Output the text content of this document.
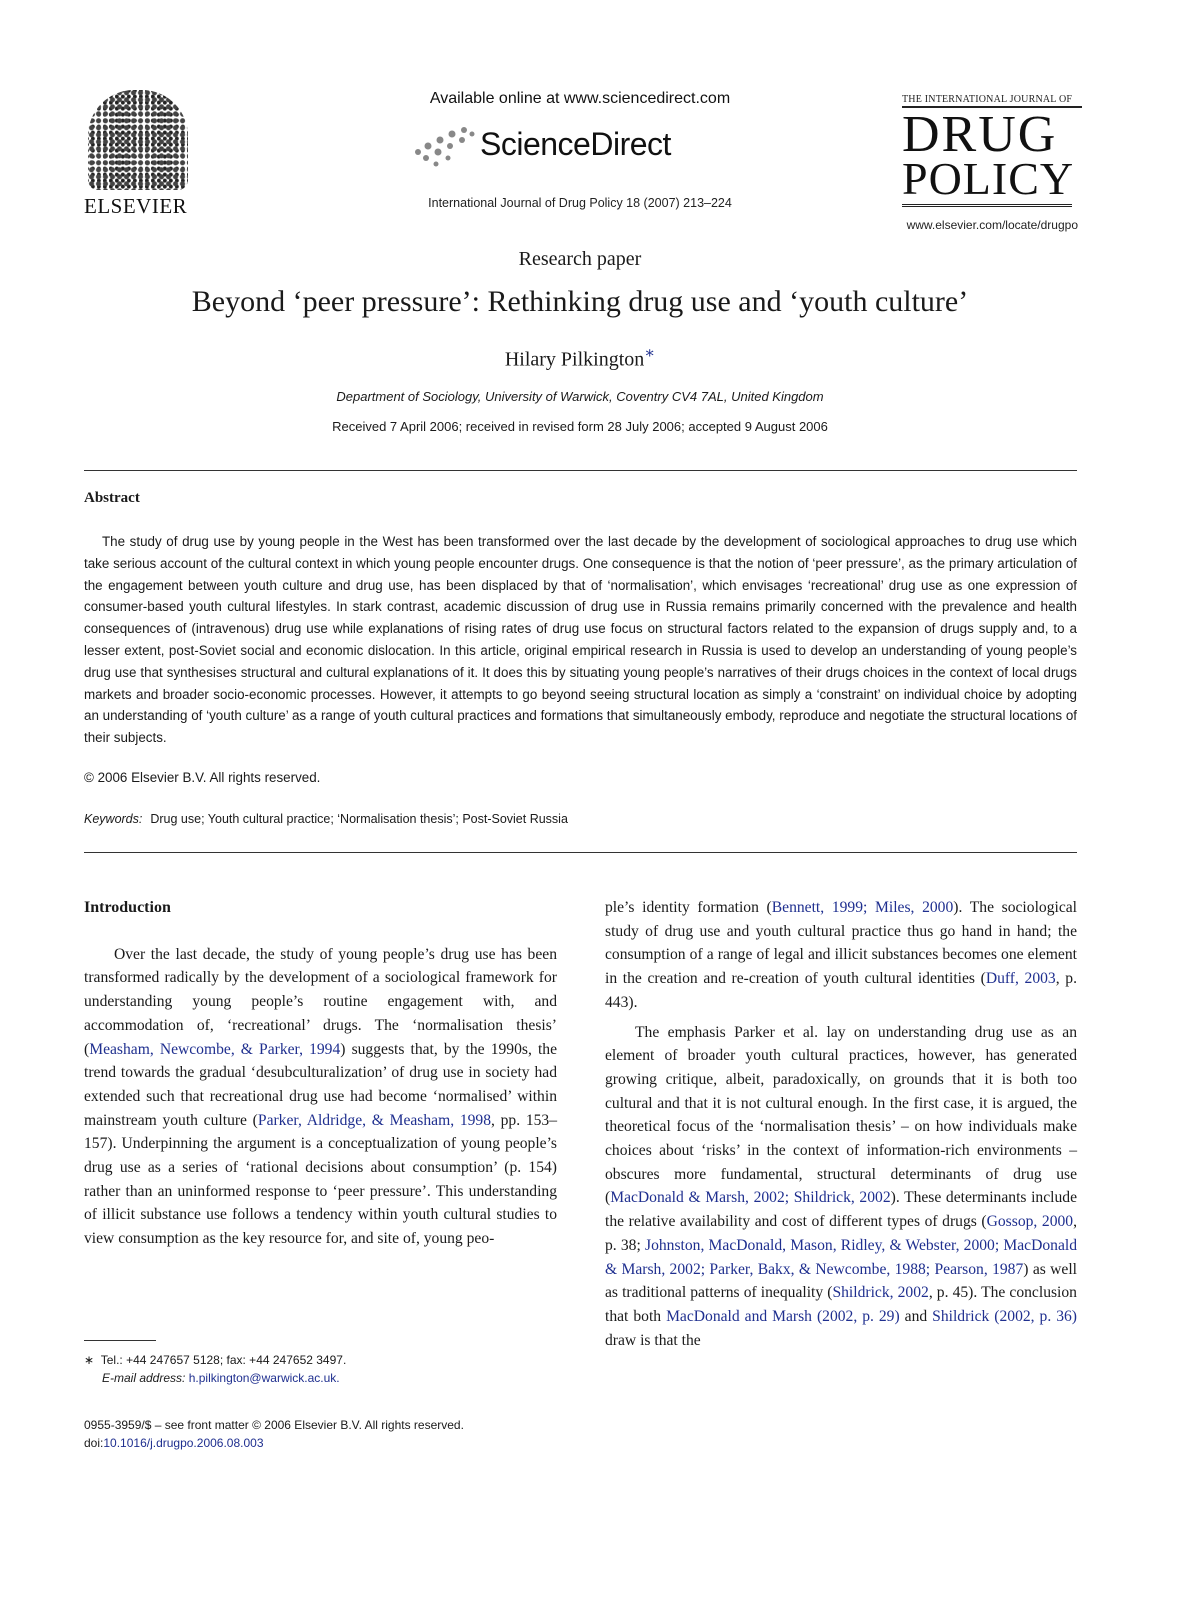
ELSEVIER
Available online at www.sciencedirect.com
ScienceDirect
International Journal of Drug Policy 18 (2007) 213–224
THE INTERNATIONAL JOURNAL OF
DRUG
POLICY
www.elsevier.com/locate/drugpo
Research paper
Beyond ‘peer pressure’: Rethinking drug use and ‘youth culture’
Hilary Pilkington∗
Department of Sociology, University of Warwick, Coventry CV4 7AL, United Kingdom
Received 7 April 2006; received in revised form 28 July 2006; accepted 9 August 2006
Abstract
The study of drug use by young people in the West has been transformed over the last decade by the development of sociological approaches to drug use which take serious account of the cultural context in which young people encounter drugs. One consequence is that the notion of ‘peer pressure’, as the primary articulation of the engagement between youth culture and drug use, has been displaced by that of ‘normalisation’, which envisages ‘recreational’ drug use as one expression of consumer-based youth cultural lifestyles. In stark contrast, academic discussion of drug use in Russia remains primarily concerned with the prevalence and health consequences of (intravenous) drug use while explanations of rising rates of drug use focus on structural factors related to the expansion of drugs supply and, to a lesser extent, post-Soviet social and economic dislocation. In this article, original empirical research in Russia is used to develop an understanding of young people’s drug use that synthesises structural and cultural explanations of it. It does this by situating young people’s narratives of their drugs choices in the context of local drugs markets and broader socio-economic processes. However, it attempts to go beyond seeing structural location as simply a ‘constraint’ on individual choice by adopting an understanding of ‘youth culture’ as a range of youth cultural practices and formations that simultaneously embody, reproduce and negotiate the structural locations of their subjects.
© 2006 Elsevier B.V. All rights reserved.
Keywords: Drug use; Youth cultural practice; ‘Normalisation thesis’; Post-Soviet Russia
Introduction

Over the last decade, the study of young people’s drug use has been transformed radically by the development of a sociological framework for understanding young people’s routine engagement with, and accommodation of, ‘recreational’ drugs. The ‘normalisation thesis’ (Measham, Newcombe, & Parker, 1994) suggests that, by the 1990s, the trend towards the gradual ‘desubculturalization’ of drug use in society had extended such that recreational drug use had become ‘normalised’ within mainstream youth culture (Parker, Aldridge, & Measham, 1998, pp. 153–157). Underpinning the argument is a conceptualization of young people’s drug use as a series of ‘rational decisions about consumption’ (p. 154) rather than an uninformed response to ‘peer pressure’. This understanding of illicit substance use follows a tendency within youth cultural studies to view consumption as the key resource for, and site of, young peo-

ple’s identity formation (Bennett, 1999; Miles, 2000). The sociological study of drug use and youth cultural practice thus go hand in hand; the consumption of a range of legal and illicit substances becomes one element in the creation and re-creation of youth cultural identities (Duff, 2003, p. 443).

The emphasis Parker et al. lay on understanding drug use as an element of broader youth cultural practices, however, has generated growing critique, albeit, paradoxically, on grounds that it is both too cultural and that it is not cultural enough. In the first case, it is argued, the theoretical focus of the ‘normalisation thesis’ – on how individuals make choices about ‘risks’ in the context of information-rich environments – obscures more fundamental, structural determinants of drug use (MacDonald & Marsh, 2002; Shildrick, 2002). These determinants include the relative availability and cost of different types of drugs (Gossop, 2000, p. 38; Johnston, MacDonald, Mason, Ridley, & Webster, 2000; MacDonald & Marsh, 2002; Parker, Bakx, & Newcombe, 1988; Pearson, 1987) as well as traditional patterns of inequality (Shildrick, 2002, p. 45). The conclusion that both MacDonald and Marsh (2002, p. 29) and Shildrick (2002, p. 36) draw is that the

∗ Tel.: +44 247657 5128; fax: +44 247652 3497.
E-mail address: h.pilkington@warwick.ac.uk.
0955-3959/$ – see front matter © 2006 Elsevier B.V. All rights reserved.
doi:10.1016/j.drugpo.2006.08.003
